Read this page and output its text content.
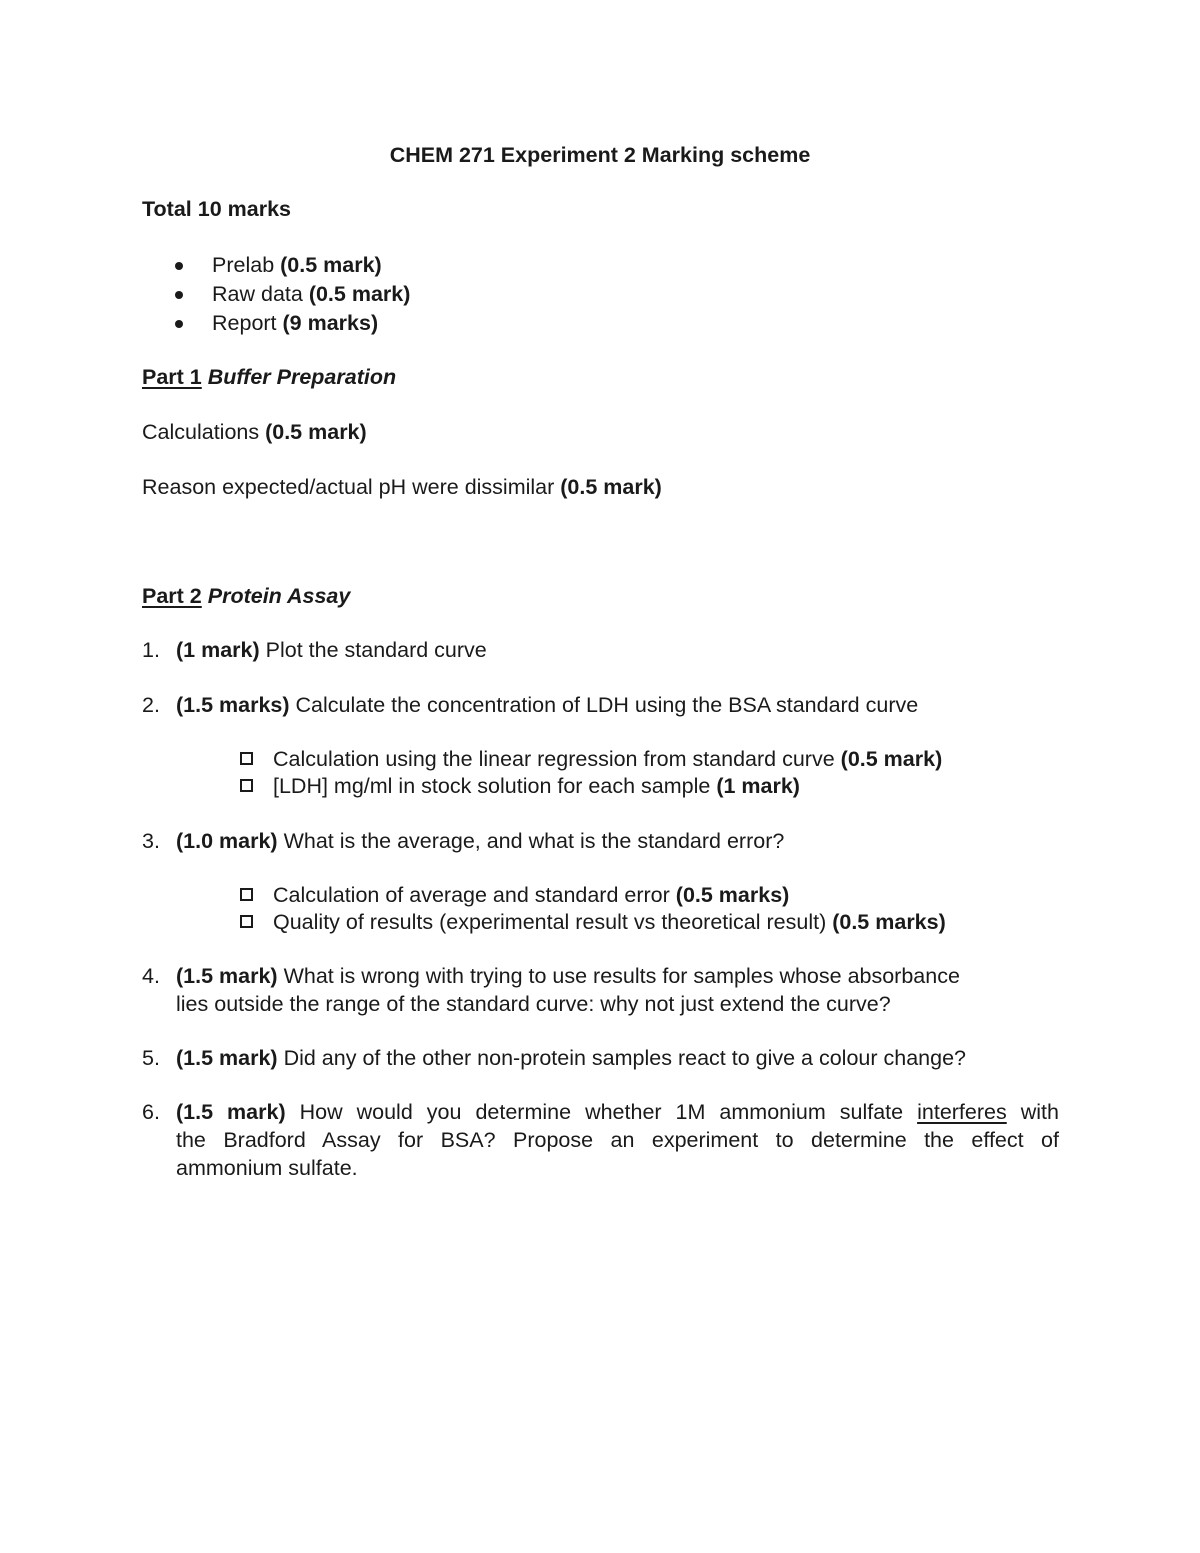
CHEM 271 Experiment 2 Marking scheme
Total 10 marks
Prelab (0.5 mark)
Raw data (0.5 mark)
Report (9 marks)
Part 1 Buffer Preparation
Calculations (0.5 mark)
Reason expected/actual pH were dissimilar (0.5 mark)
Part 2 Protein Assay
1. (1 mark) Plot the standard curve
2. (1.5 marks) Calculate the concentration of LDH using the BSA standard curve
Calculation using the linear regression from standard curve (0.5 mark)
[LDH] mg/ml in stock solution for each sample (1 mark)
3. (1.0 mark) What is the average, and what is the standard error?
Calculation of average and standard error (0.5 marks)
Quality of results (experimental result vs theoretical result) (0.5 marks)
4. (1.5 mark) What is wrong with trying to use results for samples whose absorbance
lies outside the range of the standard curve: why not just extend the curve?
5. (1.5 mark) Did any of the other non-protein samples react to give a colour change?
6. (1.5 mark) How would you determine whether 1M ammonium sulfate interferes with
the Bradford Assay for BSA? Propose an experiment to determine the effect of
ammonium sulfate.
